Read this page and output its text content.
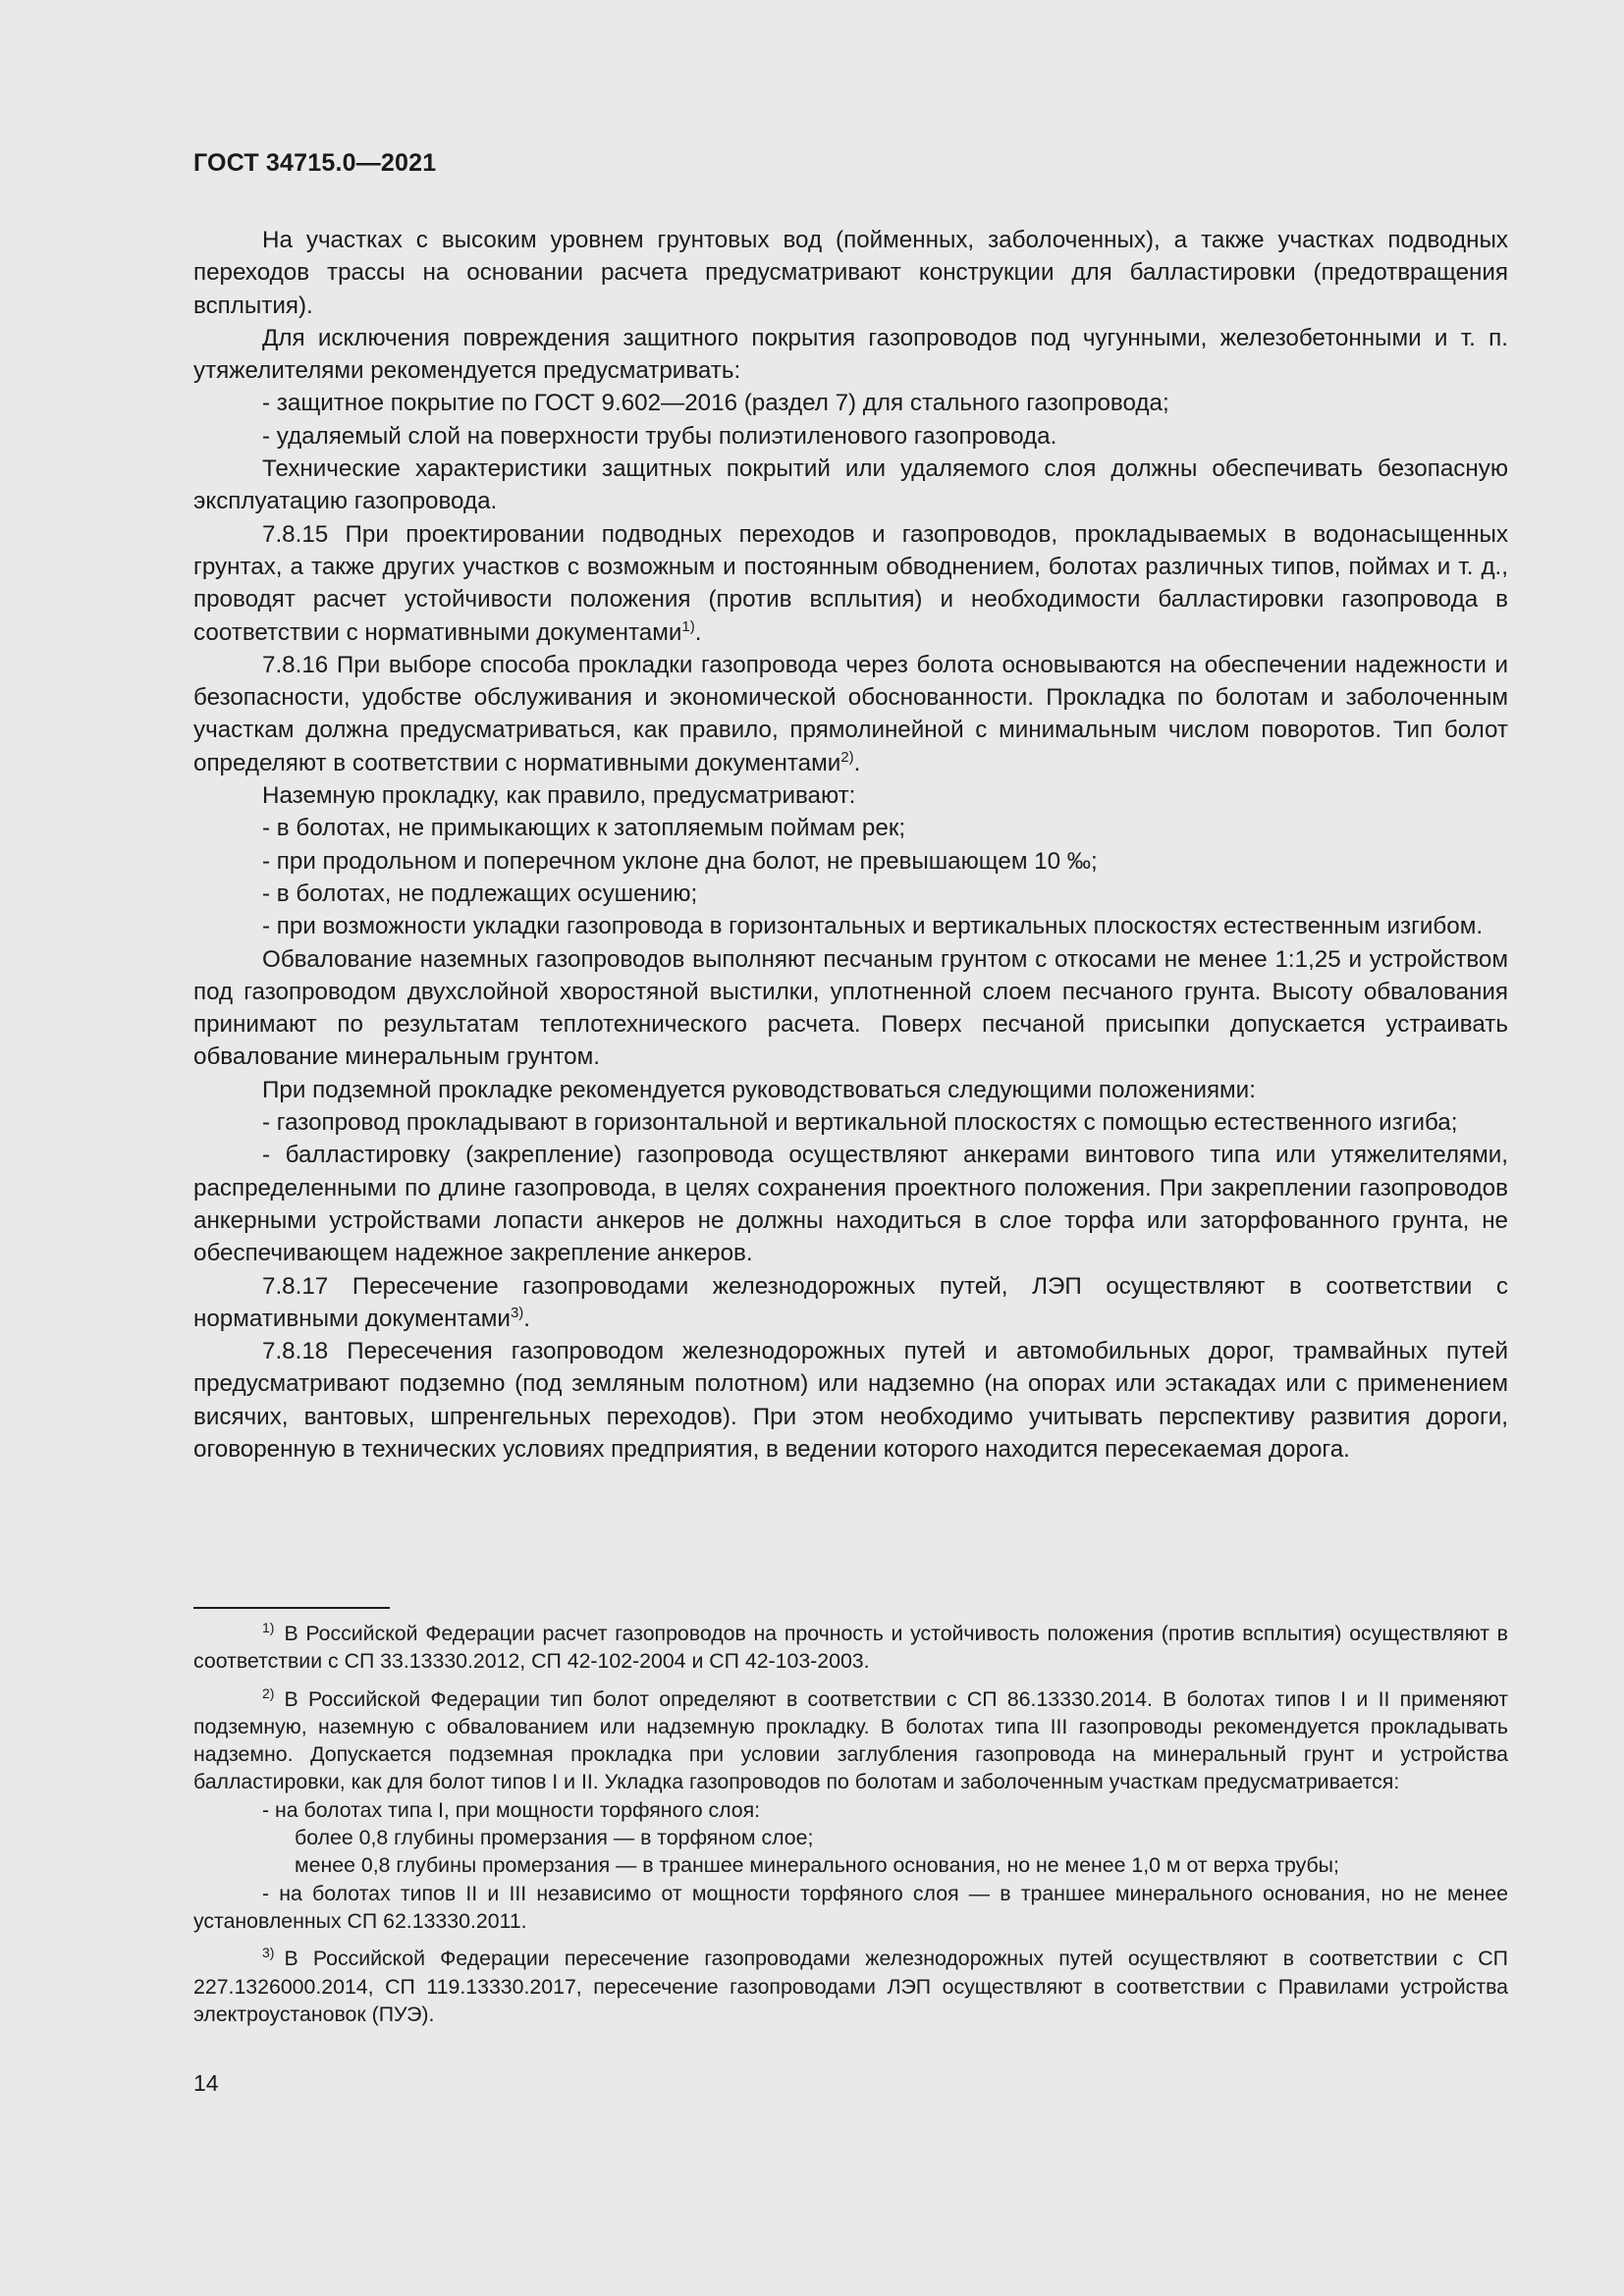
ГОСТ 34715.0—2021

На участках с высоким уровнем грунтовых вод (пойменных, заболоченных), а также участках подводных переходов трассы на основании расчета предусматривают конструкции для балластировки (предотвращения всплытия).

Для исключения повреждения защитного покрытия газопроводов под чугунными, железобетонными и т. п. утяжелителями рекомендуется предусматривать:

- защитное покрытие по ГОСТ 9.602—2016 (раздел 7) для стального газопровода;

- удаляемый слой на поверхности трубы полиэтиленового газопровода.

Технические характеристики защитных покрытий или удаляемого слоя должны обеспечивать безопасную эксплуатацию газопровода.

7.8.15 При проектировании подводных переходов и газопроводов, прокладываемых в водонасыщенных грунтах, а также других участков с возможным и постоянным обводнением, болотах различных типов, поймах и т. д., проводят расчет устойчивости положения (против всплытия) и необходимости балластировки газопровода в соответствии с нормативными документами$^{1)}$.

7.8.16 При выборе способа прокладки газопровода через болота основываются на обеспечении надежности и безопасности, удобстве обслуживания и экономической обоснованности. Прокладка по болотам и заболоченным участкам должна предусматриваться, как правило, прямолинейной с минимальным числом поворотов. Тип болот определяют в соответствии с нормативными документами$^{2)}$.

Наземную прокладку, как правило, предусматривают:

- в болотах, не примыкающих к затопляемым поймам рек;

- при продольном и поперечном уклоне дна болот, не превышающем 10 ‰;

- в болотах, не подлежащих осушению;

- при возможности укладки газопровода в горизонтальных и вертикальных плоскостях естественным изгибом.

Обвалование наземных газопроводов выполняют песчаным грунтом с откосами не менее 1:1,25 и устройством под газопроводом двухслойной хворостяной выстилки, уплотненной слоем песчаного грунта. Высоту обвалования принимают по результатам теплотехнического расчета. Поверх песчаной присыпки допускается устраивать обвалование минеральным грунтом.

При подземной прокладке рекомендуется руководствоваться следующими положениями:

- газопровод прокладывают в горизонтальной и вертикальной плоскостях с помощью естественного изгиба;

- балластировку (закрепление) газопровода осуществляют анкерами винтового типа или утяжелителями, распределенными по длине газопровода, в целях сохранения проектного положения. При закреплении газопроводов анкерными устройствами лопасти анкеров не должны находиться в слое торфа или заторфованного грунта, не обеспечивающем надежное закрепление анкеров.

7.8.17 Пересечение газопроводами железнодорожных путей, ЛЭП осуществляют в соответствии с нормативными документами$^{3)}$.

7.8.18 Пересечения газопроводом железнодорожных путей и автомобильных дорог, трамвайных путей предусматривают подземно (под земляным полотном) или надземно (на опорах или эстакадах или с применением висячих, вантовых, шпренгельных переходов). При этом необходимо учитывать перспективу развития дороги, оговоренную в технических условиях предприятия, в ведении которого находится пересекаемая дорога.

$^{1)}$ В Российской Федерации расчет газопроводов на прочность и устойчивость положения (против всплытия) осуществляют в соответствии с СП 33.13330.2012, СП 42-102-2004 и СП 42-103-2003.

$^{2)}$ В Российской Федерации тип болот определяют в соответствии с СП 86.13330.2014. В болотах типов I и II применяют подземную, наземную с обвалованием или надземную прокладку. В болотах типа III газопроводы рекомендуется прокладывать надземно. Допускается подземная прокладка при условии заглубления газопровода на минеральный грунт и устройства балластировки, как для болот типов I и II. Укладка газопроводов по болотам и заболоченным участкам предусматривается:

- на болотах типа I, при мощности торфяного слоя:

более 0,8 глубины промерзания — в торфяном слое;

менее 0,8 глубины промерзания — в траншее минерального основания, но не менее 1,0 м от верха трубы;

- на болотах типов II и III независимо от мощности торфяного слоя — в траншее минерального основания, но не менее установленных СП 62.13330.2011.

$^{3)}$ В Российской Федерации пересечение газопроводами железнодорожных путей осуществляют в соответствии с СП 227.1326000.2014, СП 119.13330.2017, пересечение газопроводами ЛЭП осуществляют в соответствии с Правилами устройства электроустановок (ПУЭ).

14
